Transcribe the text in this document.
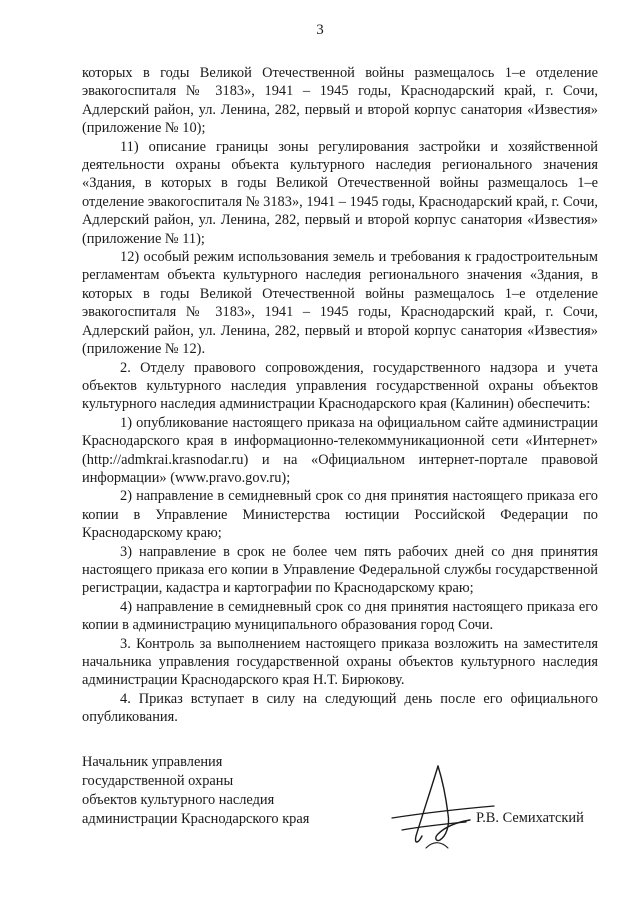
3

которых в годы Великой Отечественной войны размещалось 1–е отделение эвакогоспиталя № 3183», 1941 – 1945 годы, Краснодарский край, г. Сочи, Адлерский район, ул. Ленина, 282, первый и второй корпус санатория «Известия» (приложение № 10);

11) описание границы зоны регулирования застройки и хозяйственной деятельности охраны объекта культурного наследия регионального значения «Здания, в которых в годы Великой Отечественной войны размещалось 1–е отделение эвакогоспиталя № 3183», 1941 – 1945 годы, Краснодарский край, г. Сочи, Адлерский район, ул. Ленина, 282, первый и второй корпус санатория «Известия» (приложение № 11);

12) особый режим использования земель и требования к градостроительным регламентам объекта культурного наследия регионального значения «Здания, в которых в годы Великой Отечественной войны размещалось 1–е отделение эвакогоспиталя № 3183», 1941 – 1945 годы, Краснодарский край, г. Сочи, Адлерский район, ул. Ленина, 282, первый и второй корпус санатория «Известия» (приложение № 12).

2. Отделу правового сопровождения, государственного надзора и учета объектов культурного наследия управления государственной охраны объектов культурного наследия администрации Краснодарского края (Калинин) обеспечить:

1) опубликование настоящего приказа на официальном сайте администрации Краснодарского края в информационно-телекоммуникационной сети «Интернет» (http://admkrai.krasnodar.ru) и на «Официальном интернет-портале правовой информации» (www.pravo.gov.ru);

2) направление в семидневный срок со дня принятия настоящего приказа его копии в Управление Министерства юстиции Российской Федерации по Краснодарскому краю;

3) направление в срок не более чем пять рабочих дней со дня принятия настоящего приказа его копии в Управление Федеральной службы государственной регистрации, кадастра и картографии по Краснодарскому краю;

4) направление в семидневный срок со дня принятия настоящего приказа его копии в администрацию муниципального образования город Сочи.

3. Контроль за выполнением настоящего приказа возложить на заместителя начальника управления государственной охраны объектов культурного наследия администрации Краснодарского края Н.Т. Бирюкову.

4. Приказ вступает в силу на следующий день после его официального опубликования.

Начальник управления
государственной охраны
объектов культурного наследия
администрации Краснодарского края	Р.В. Семихатский
